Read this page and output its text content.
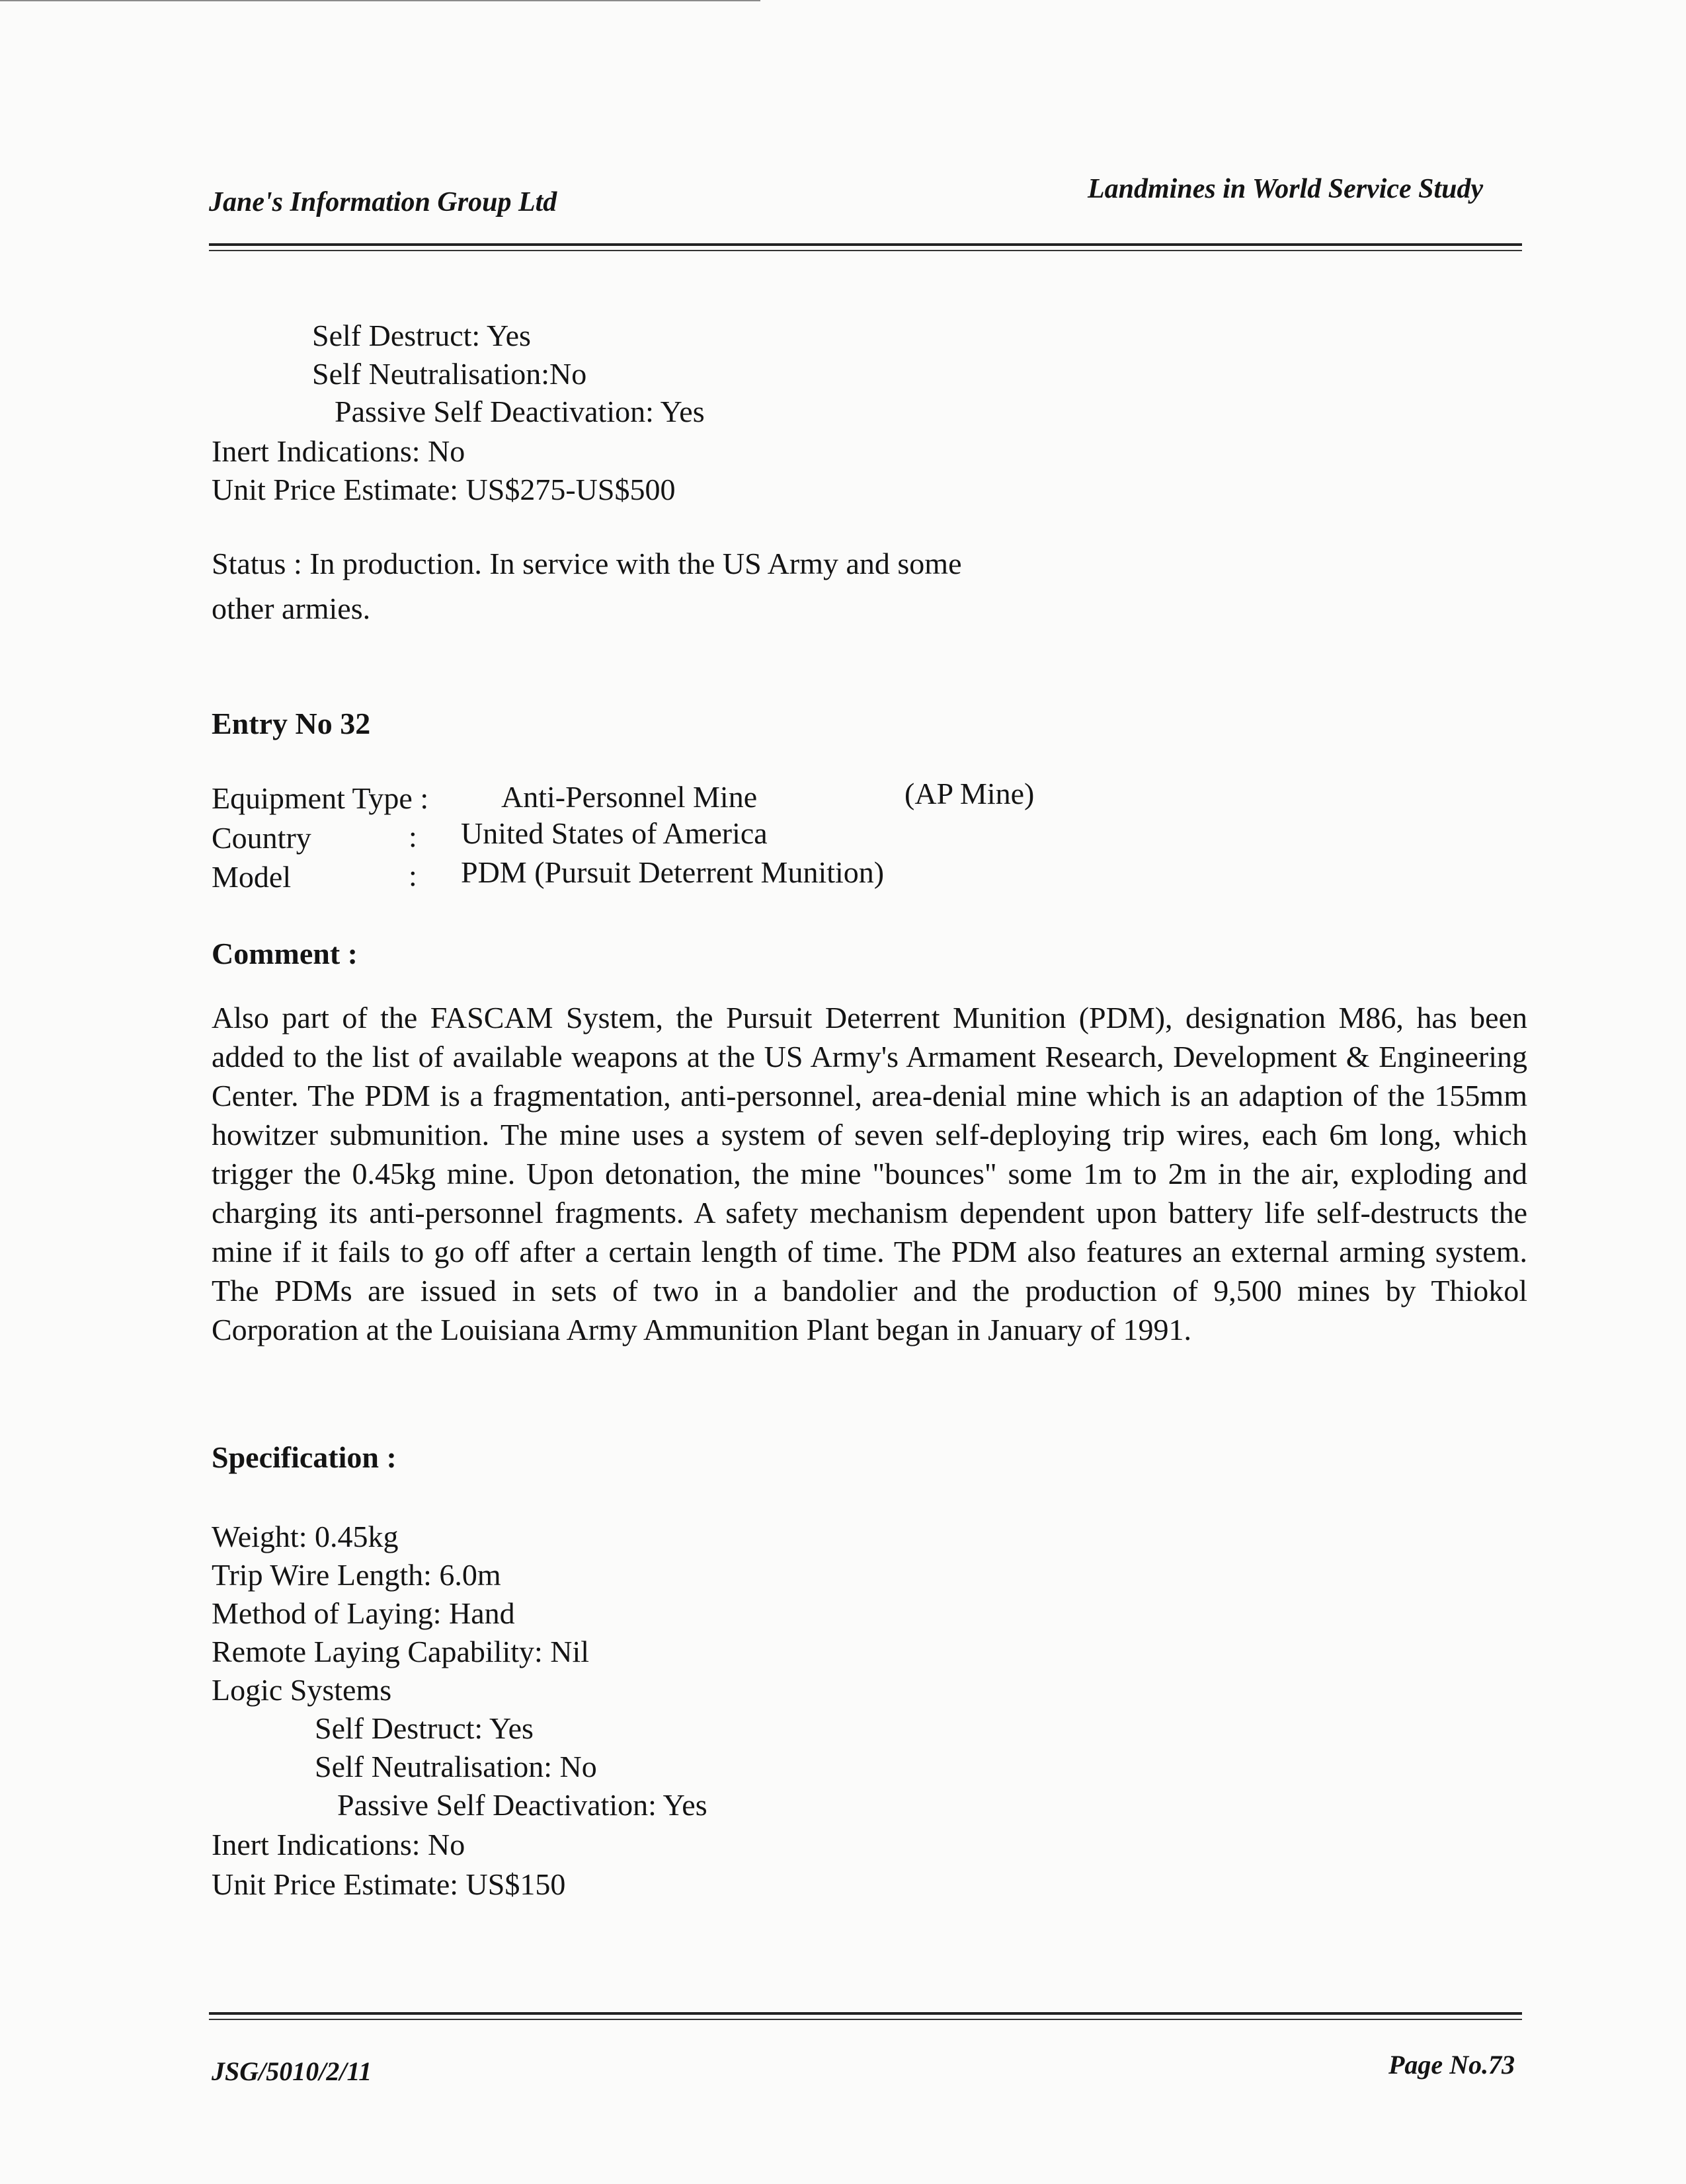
Jane's Information Group Ltd	Landmines in World Service Study
Self Destruct: Yes
Self Neutralisation:No
Passive Self Deactivation: Yes
Inert Indications: No
Unit Price Estimate: US$275-US$500
Status : In production. In service with the US Army and some
other armies.
Entry No 32
Equipment Type : Anti-Personnel Mine	(AP Mine)
Country	: United States of America
Model	: PDM (Pursuit Deterrent Munition)
Comment :
Also part of the FASCAM System, the Pursuit Deterrent Munition (PDM), designation M86, has been added to the list of available weapons at the US Army's Armament Research, Development & Engineering Center. The PDM is a fragmentation, anti-personnel, area-denial mine which is an adaption of the 155mm howitzer submunition. The mine uses a system of seven self-deploying trip wires, each 6m long, which trigger the 0.45kg mine. Upon detonation, the mine "bounces" some 1m to 2m in the air, exploding and charging its anti-personnel fragments. A safety mechanism dependent upon battery life self-destructs the mine if it fails to go off after a certain length of time. The PDM also features an external arming system. The PDMs are issued in sets of two in a bandolier and the production of 9,500 mines by Thiokol Corporation at the Louisiana Army Ammunition Plant began in January of 1991.
Specification :
Weight: 0.45kg
Trip Wire Length: 6.0m
Method of Laying: Hand
Remote Laying Capability: Nil
Logic Systems
Self Destruct: Yes
Self Neutralisation: No
Passive Self Deactivation: Yes
Inert Indications: No
Unit Price Estimate: US$150
JSG/5010/2/11	Page No.73
